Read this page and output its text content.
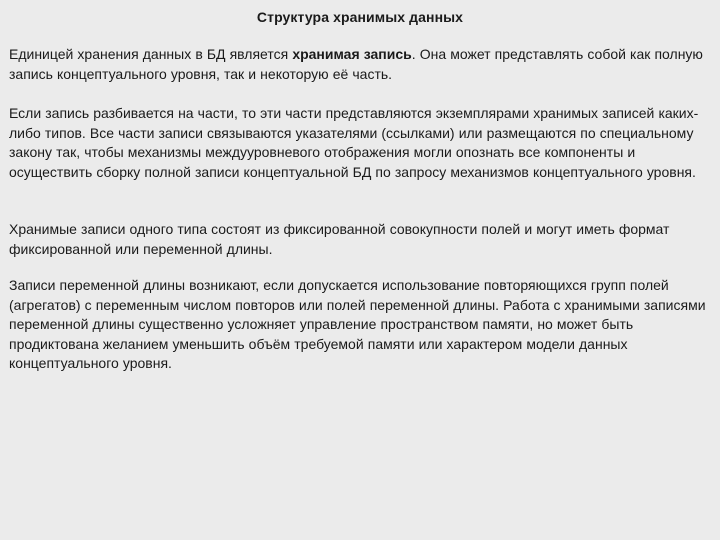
Структура хранимых данных

Единицей хранения данных в БД является хранимая запись. Она может представлять собой как полную запись концептуального уровня, так и некоторую её часть.

Если запись разбивается на части, то эти части представляются экземплярами хранимых записей каких-либо типов. Все части записи связываются указателями (ссылками) или размещаются по специальному закону так, чтобы механизмы междууровневого отображения могли опознать все компоненты и осуществить сборку полной записи концептуальной БД по запросу механизмов концептуального уровня.

Хранимые записи одного типа состоят из фиксированной совокупности полей и могут иметь формат фиксированной или переменной длины.

Записи переменной длины возникают, если допускается использование повторяющихся групп полей (агрегатов) с переменным числом повторов или полей переменной длины. Работа с хранимыми записями переменной длины существенно усложняет управление пространством памяти, но может быть продиктована желанием уменьшить объём требуемой памяти или характером модели данных концептуального уровня.
